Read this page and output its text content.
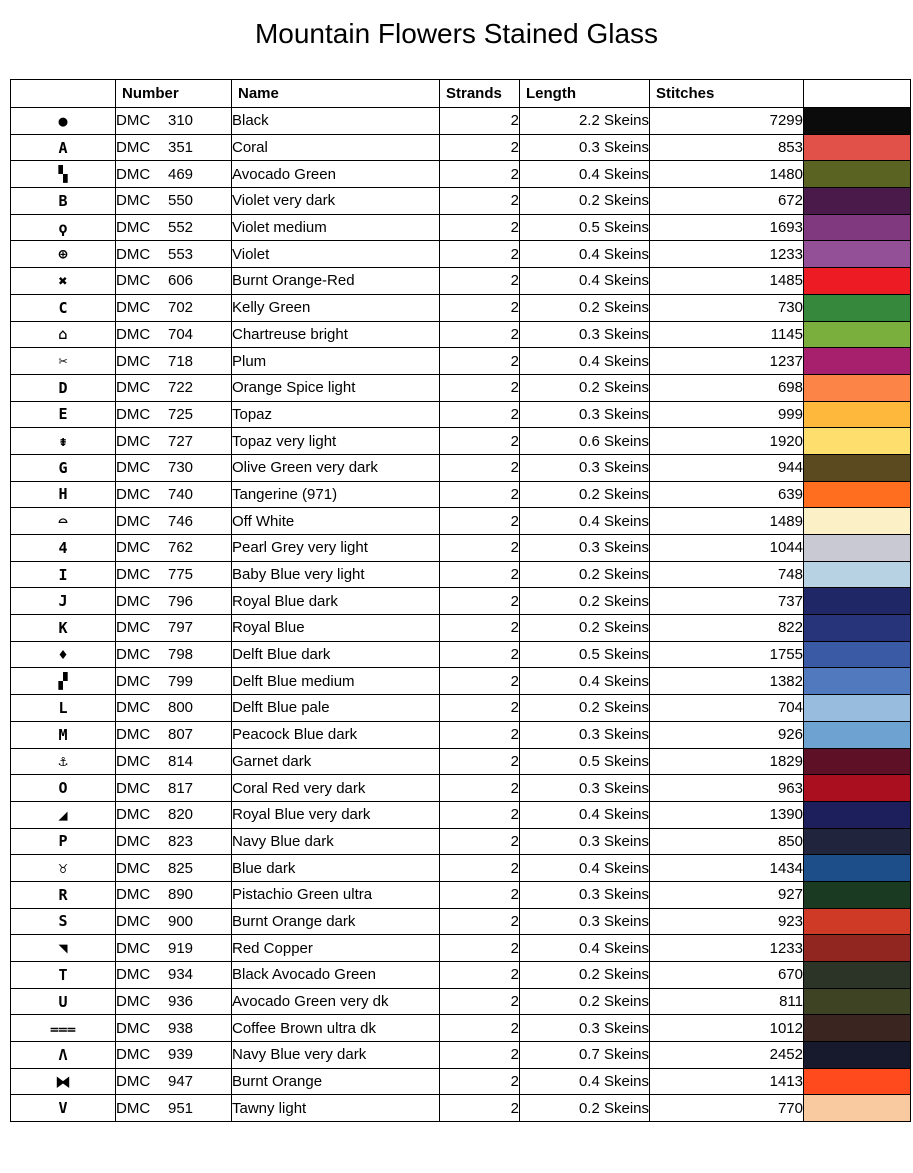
Mountain Flowers Stained Glass
	Number	Name	Strands	Length	Stitches	
●	DMC 310	Black	2	2.2 Skeins	7299	

A	DMC 351	Coral	2	0.3 Skeins	853	

▚	DMC 469	Avocado Green	2	0.4 Skeins	1480	

B	DMC 550	Violet very dark	2	0.2 Skeins	672	

ϙ	DMC 552	Violet medium	2	0.5 Skeins	1693	

⊕	DMC 553	Violet	2	0.4 Skeins	1233	

✖	DMC 606	Burnt Orange-Red	2	0.4 Skeins	1485	

C	DMC 702	Kelly Green	2	0.2 Skeins	730	

⌂	DMC 704	Chartreuse bright	2	0.3 Skeins	1145	

✂	DMC 718	Plum	2	0.4 Skeins	1237	

D	DMC 722	Orange Spice light	2	0.2 Skeins	698	

E	DMC 725	Topaz	2	0.3 Skeins	999	

⇟	DMC 727	Topaz very light	2	0.6 Skeins	1920	

G	DMC 730	Olive Green very dark	2	0.3 Skeins	944	

H	DMC 740	Tangerine (971)	2	0.2 Skeins	639	

⌓	DMC 746	Off White	2	0.4 Skeins	1489	

4	DMC 762	Pearl Grey very light	2	0.3 Skeins	1044	

I	DMC 775	Baby Blue very light	2	0.2 Skeins	748	

J	DMC 796	Royal Blue dark	2	0.2 Skeins	737	

K	DMC 797	Royal Blue	2	0.2 Skeins	822	

♦	DMC 798	Delft Blue dark	2	0.5 Skeins	1755	

▞	DMC 799	Delft Blue medium	2	0.4 Skeins	1382	

L	DMC 800	Delft Blue pale	2	0.2 Skeins	704	

M	DMC 807	Peacock Blue dark	2	0.3 Skeins	926	

⚓	DMC 814	Garnet dark	2	0.5 Skeins	1829	

O	DMC 817	Coral Red very dark	2	0.3 Skeins	963	

◢	DMC 820	Royal Blue very dark	2	0.4 Skeins	1390	

P	DMC 823	Navy Blue dark	2	0.3 Skeins	850	

♉	DMC 825	Blue dark	2	0.4 Skeins	1434	

R	DMC 890	Pistachio Green ultra	2	0.3 Skeins	927	

S	DMC 900	Burnt Orange dark	2	0.3 Skeins	923	

◥	DMC 919	Red Copper	2	0.4 Skeins	1233	

T	DMC 934	Black Avocado Green	2	0.2 Skeins	670	

U	DMC 936	Avocado Green very dk	2	0.2 Skeins	811	

⩶	DMC 938	Coffee Brown ultra dk	2	0.3 Skeins	1012	

Λ	DMC 939	Navy Blue very dark	2	0.7 Skeins	2452	

⧓	DMC 947	Burnt Orange	2	0.4 Skeins	1413	

V	DMC 951	Tawny light	2	0.2 Skeins	770	
